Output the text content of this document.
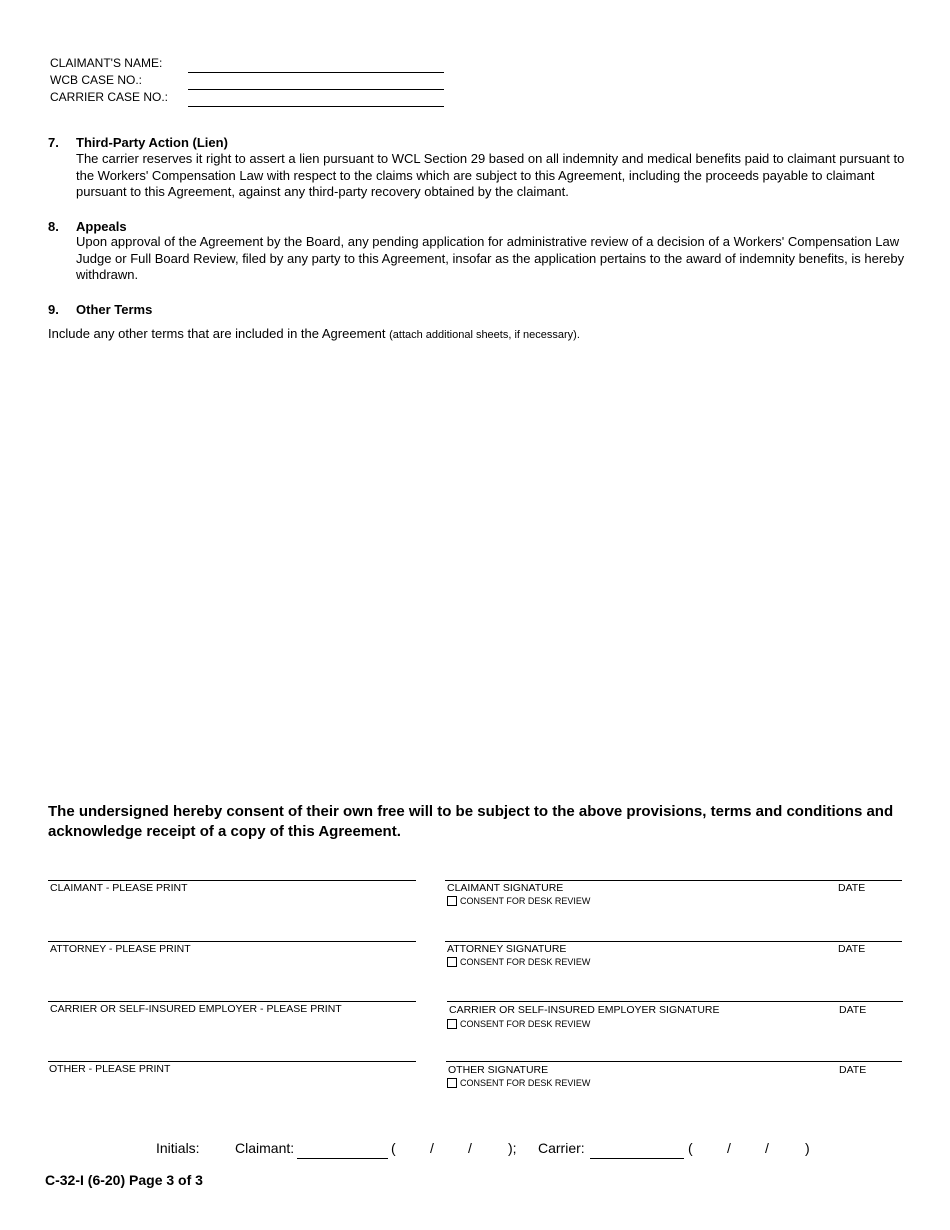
CLAIMANT'S NAME:
WCB CASE NO.:
CARRIER CASE NO.:
7. Third-Party Action (Lien)
The carrier reserves it right to assert a lien pursuant to WCL Section 29 based on all indemnity and medical benefits paid to claimant pursuant to the Workers' Compensation Law with respect to the claims which are subject to this Agreement, including the proceeds payable to claimant pursuant to this Agreement, against any third-party recovery obtained by the claimant.
8. Appeals
Upon approval of the Agreement by the Board, any pending application for administrative review of a decision of a Workers' Compensation Law Judge or Full Board Review, filed by any party to this Agreement, insofar as the application pertains to the award of indemnity benefits, is hereby withdrawn.
9. Other Terms
Include any other terms that are included in the Agreement (attach additional sheets, if necessary).
The undersigned hereby consent of their own free will to be subject to the above provisions, terms and conditions and acknowledge receipt of a copy of this Agreement.
CLAIMANT - PLEASE PRINT	CLAIMANT SIGNATURE	DATE
CONSENT FOR DESK REVIEW
ATTORNEY - PLEASE PRINT	ATTORNEY SIGNATURE	DATE
CONSENT FOR DESK REVIEW
CARRIER OR SELF-INSURED EMPLOYER - PLEASE PRINT	CARRIER OR SELF-INSURED EMPLOYER SIGNATURE	DATE
CONSENT FOR DESK REVIEW
OTHER - PLEASE PRINT	OTHER SIGNATURE	DATE
CONSENT FOR DESK REVIEW
Initials:	Claimant:	( / /	); Carrier:	( / /	)
C-32-I (6-20) Page 3 of 3
